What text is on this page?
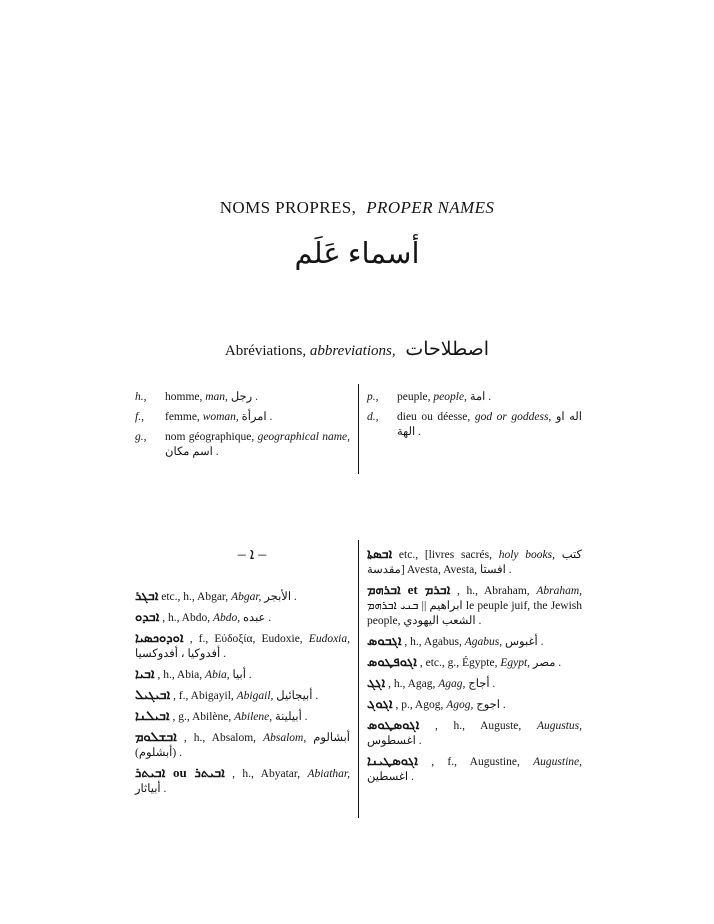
NOMS PROPRES, PROPER NAMES
أسماء عَلَم
Abréviations, abbreviations, اصطلاحات
h.,	homme, man, رجل .
f.,	femme, woman, امرأة .
g.,	nom géographique, geographical name, اسم مكان .
p.,	peuple, people, امة .
d.,	dieu ou déesse, god or goddess, اله او الهة .
– ܐ –
ܐܒܓܪ etc., h., Abgar, Abgar, الأبجر .
ܐܒܕܘ , h., Abdo, Abdo, عبده .
ܐܘܕܘܟܣܝܐ , f., Εὐδοξία, Eudoxie, Eudoxia, أفدوكيا ، أفدوكسيا .
ܐܒܝܐ , h., Abia, Abia, أبيا .
ܐܒܝܓܝܠ , f., Abigayil, Abigail, أبيجائيل .
ܐܒܝܠܢܐ , g., Abilène, Abilene, أبيلينة .
ܐܒܫܠܘܡ , h., Absalom, Absalom, أبشالوم (أبشلوم) .
ܐܒܝܬܪ ou ܐܒܝܬܪ , h., Abyatar, Abiathar, أبياثار .
ܐܒܣܬܐ etc., [livres sacrés, holy books, كتب مقدسة] Avesta, Avesta, افستا .
ܐܒܪܗܡ et ܐܒܪܡ , h., Abraham, Abraham, ابراهيم || ܒܢܝ ܐܒܪܗܡ le peuple juif, the Jewish people, الشعب اليهودي .
ܐܓܒܘܣ , h., Agabus, Agabus, أغبوس .
ܐܓܘܦܛܘܣ , etc., g., Égypte, Egypt, مصر .
ܐܓܓ , h., Agag, Agag, أجاج .
ܐܓܘܓ , p., Agog, Agog, اجوج .
ܐܓܘܣܛܘܣ , h., Auguste, Augustus, اغسطوس .
ܐܓܘܣܛܝܢܐ , f., Augustine, Augustine, اغسطين .
